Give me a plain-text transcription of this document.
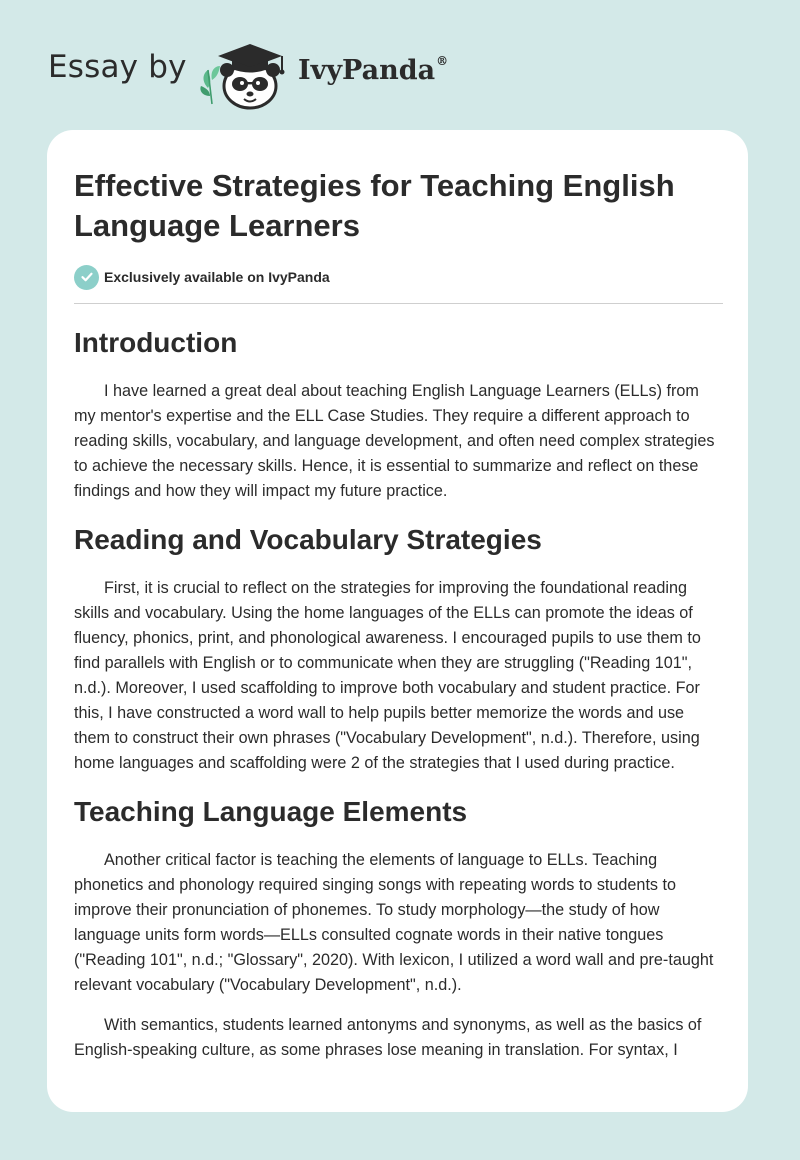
Essay by	IvyPanda®
Effective Strategies for Teaching English Language Learners
Exclusively available on IvyPanda
Introduction

I have learned a great deal about teaching English Language Learners (ELLs) from my mentor's expertise and the ELL Case Studies. They require a different approach to reading skills, vocabulary, and language development, and often need complex strategies to achieve the necessary skills. Hence, it is essential to summarize and reflect on these findings and how they will impact my future practice.

Reading and Vocabulary Strategies

First, it is crucial to reflect on the strategies for improving the foundational reading skills and vocabulary. Using the home languages of the ELLs can promote the ideas of fluency, phonics, print, and phonological awareness. I encouraged pupils to use them to find parallels with English or to communicate when they are struggling ("Reading 101", n.d.). Moreover, I used scaffolding to improve both vocabulary and student practice. For this, I have constructed a word wall to help pupils better memorize the words and use them to construct their own phrases ("Vocabulary Development", n.d.). Therefore, using home languages and scaffolding were 2 of the strategies that I used during practice.

Teaching Language Elements

Another critical factor is teaching the elements of language to ELLs. Teaching phonetics and phonology required singing songs with repeating words to students to improve their pronunciation of phonemes. To study morphology—the study of how language units form words—ELLs consulted cognate words in their native tongues ("Reading 101", n.d.; "Glossary", 2020). With lexicon, I utilized a word wall and pre-taught relevant vocabulary ("Vocabulary Development", n.d.).

With semantics, students learned antonyms and synonyms, as well as the basics of English-speaking culture, as some phrases lose meaning in translation. For syntax, I
